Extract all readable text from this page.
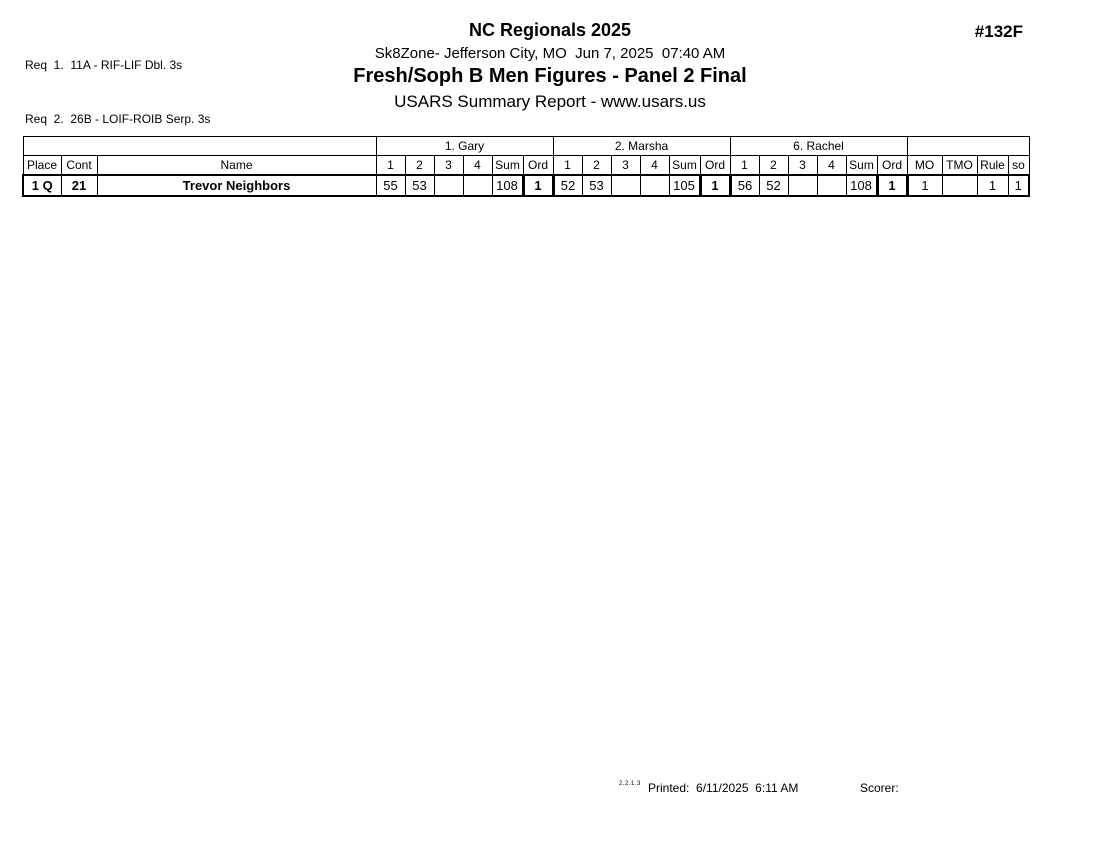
Req  1.  11A - RIF-LIF Dbl. 3s

Req  2.  26B - LOIF-ROIB Serp. 3s

NC Regionals 2025
Sk8Zone- Jefferson City, MO  Jun 7, 2025  07:40 AM
Fresh/Soph B Men Figures - Panel 2 Final
USARS Summary Report - www.usars.us
#132F
			1. Gary						2. Marsha						6. Rachel									
Place	Cont	Name	1	2	3	4	Sum	Ord	1	2	3	4	Sum	Ord	1	2	3	4	Sum	Ord	MO	TMO	Rule	so
1 Q	21	Trevor Neighbors	55	53			108	1	52	53			105	1	56	52			108	1	1		1	1
2.2.1.3 Printed:  6/11/2025  6:11 AM	Scorer:
